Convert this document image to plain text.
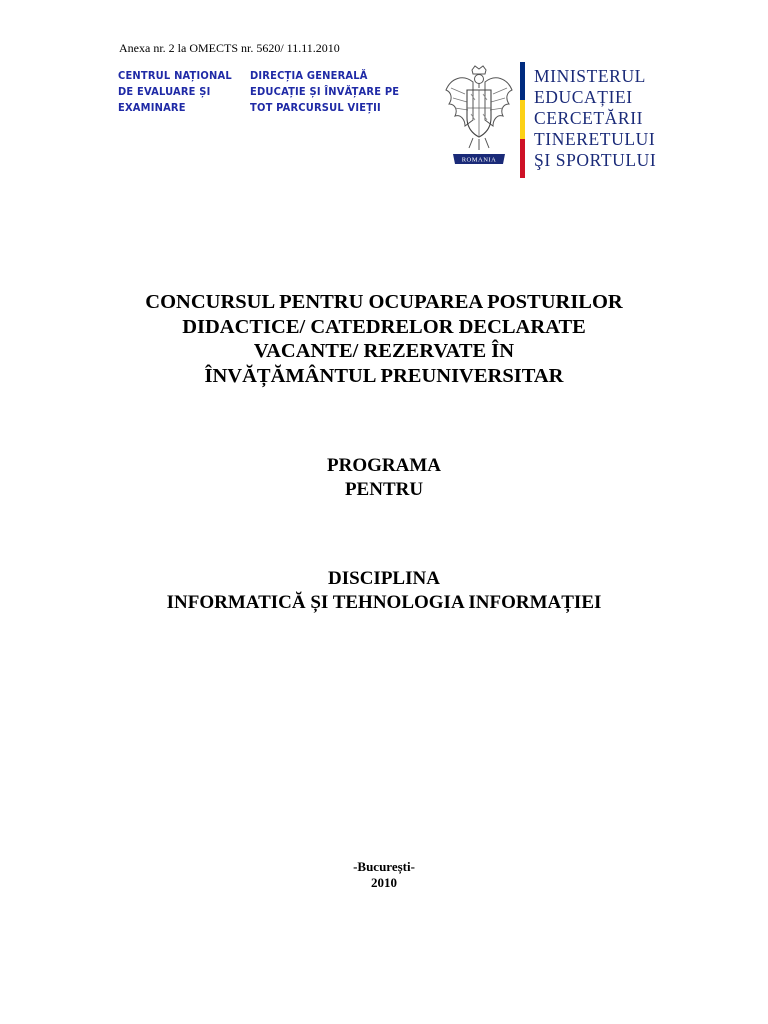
Anexa nr. 2 la OMECTS nr. 5620/ 11.11.2010
CENTRUL NAȚIONAL
DE EVALUARE ȘI
EXAMINARE
DIRECȚIA GENERALĂ
EDUCAȚIE ȘI ÎNVĂȚARE PE
TOT PARCURSUL VIEȚII
ROMANIA
MINISTERUL
EDUCAȚIEI
CERCETĂRII
TINERETULUI
ŞI SPORTULUI
CONCURSUL PENTRU OCUPAREA POSTURILOR
DIDACTICE/ CATEDRELOR DECLARATE
VACANTE/ REZERVATE ÎN
ÎNVĂȚĂMÂNTUL PREUNIVERSITAR
PROGRAMA
PENTRU
DISCIPLINA
INFORMATICĂ ȘI TEHNOLOGIA INFORMAȚIEI
-București-
2010
